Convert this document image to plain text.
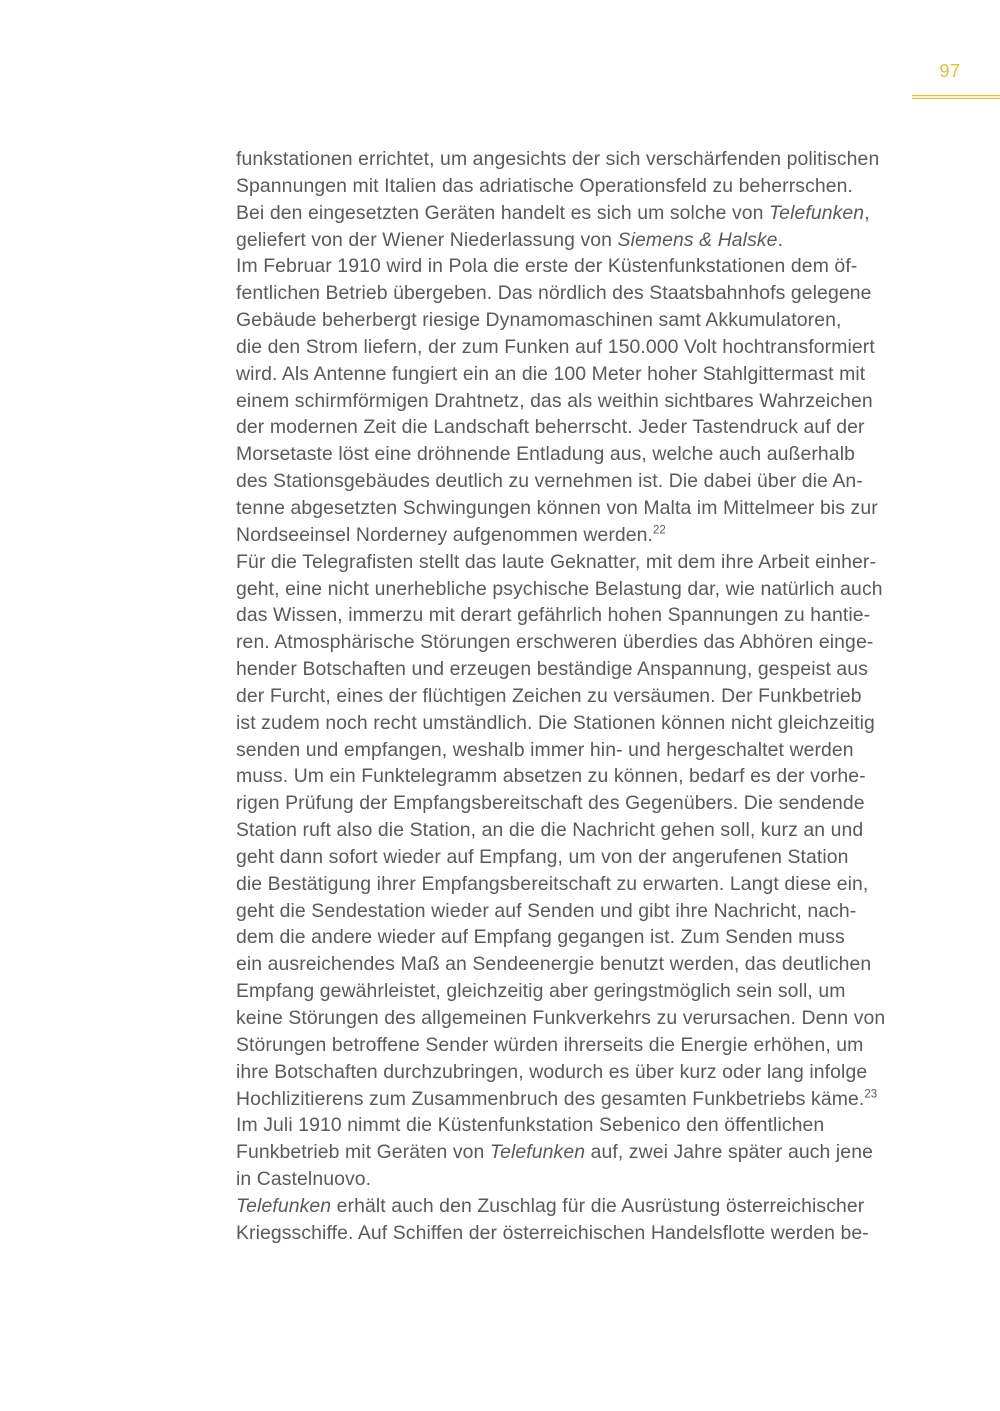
97
funkstationen errichtet, um angesichts der sich verschärfenden politischen
Spannungen mit Italien das adriatische Operationsfeld zu beherrschen.
Bei den eingesetzten Geräten handelt es sich um solche von Telefunken,
geliefert von der Wiener Niederlassung von Siemens & Halske.
Im Februar 1910 wird in Pola die erste der Küstenfunkstationen dem öf-
fentlichen Betrieb übergeben. Das nördlich des Staatsbahnhofs gelegene
Gebäude beherbergt riesige Dynamomaschinen samt Akkumulatoren,
die den Strom liefern, der zum Funken auf 150.000 Volt hochtransformiert
wird. Als Antenne fungiert ein an die 100 Meter hoher Stahlgittermast mit
einem schirmförmigen Drahtnetz, das als weithin sichtbares Wahrzeichen
der modernen Zeit die Landschaft beherrscht. Jeder Tastendruck auf der
Morsetaste löst eine dröhnende Entladung aus, welche auch außerhalb
des Stationsgebäudes deutlich zu vernehmen ist. Die dabei über die An-
tenne abgesetzten Schwingungen können von Malta im Mittelmeer bis zur
Nordseeinsel Norderney aufgenommen werden.$^{22}$
Für die Telegrafisten stellt das laute Geknatter, mit dem ihre Arbeit einher-
geht, eine nicht unerhebliche psychische Belastung dar, wie natürlich auch
das Wissen, immerzu mit derart gefährlich hohen Spannungen zu hantie-
ren. Atmosphärische Störungen erschweren überdies das Abhören einge-
hender Botschaften und erzeugen beständige Anspannung, gespeist aus
der Furcht, eines der flüchtigen Zeichen zu versäumen. Der Funkbetrieb
ist zudem noch recht umständlich. Die Stationen können nicht gleichzeitig
senden und empfangen, weshalb immer hin- und hergeschaltet werden
muss. Um ein Funktelegramm absetzen zu können, bedarf es der vorhe-
rigen Prüfung der Empfangsbereitschaft des Gegenübers. Die sendende
Station ruft also die Station, an die die Nachricht gehen soll, kurz an und
geht dann sofort wieder auf Empfang, um von der angerufenen Station
die Bestätigung ihrer Empfangsbereitschaft zu erwarten. Langt diese ein,
geht die Sendestation wieder auf Senden und gibt ihre Nachricht, nach-
dem die andere wieder auf Empfang gegangen ist. Zum Senden muss
ein ausreichendes Maß an Sendeenergie benutzt werden, das deutlichen
Empfang gewährleistet, gleichzeitig aber geringstmöglich sein soll, um
keine Störungen des allgemeinen Funkverkehrs zu verursachen. Denn von
Störungen betroffene Sender würden ihrerseits die Energie erhöhen, um
ihre Botschaften durchzubringen, wodurch es über kurz oder lang infolge
Hochlizitierens zum Zusammenbruch des gesamten Funkbetriebs käme.$^{23}$
Im Juli 1910 nimmt die Küstenfunkstation Sebenico den öffentlichen
Funkbetrieb mit Geräten von Telefunken auf, zwei Jahre später auch jene
in Castelnuovo.
Telefunken erhält auch den Zuschlag für die Ausrüstung österreichischer
Kriegsschiffe. Auf Schiffen der österreichischen Handelsflotte werden be-
